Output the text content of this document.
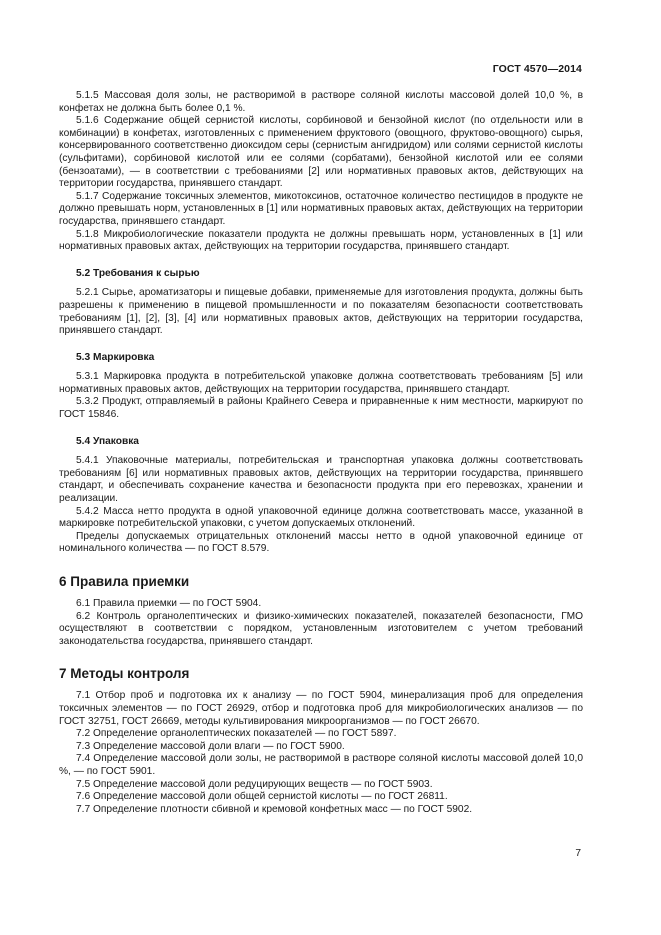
ГОСТ 4570—2014

5.1.5 Массовая доля золы, не растворимой в растворе соляной кислоты массовой долей 10,0 %, в конфетах не должна быть более 0,1 %.

5.1.6 Содержание общей сернистой кислоты, сорбиновой и бензойной кислот (по отдельности или в комбинации) в конфетах, изготовленных с применением фруктового (овощного, фруктово-овощного) сырья, консервированного соответственно диоксидом серы (сернистым ангидридом) или солями сернистой кислоты (сульфитами), сорбиновой кислотой или ее солями (сорбатами), бензойной кислотой или ее солями (бензоатами), — в соответствии с требованиями [2] или нормативных правовых актов, действующих на территории государства, принявшего стандарт.

5.1.7 Содержание токсичных элементов, микотоксинов, остаточное количество пестицидов в продукте не должно превышать норм, установленных в [1] или нормативных правовых актах, действующих на территории государства, принявшего стандарт.

5.1.8 Микробиологические показатели продукта не должны превышать норм, установленных в [1] или нормативных правовых актах, действующих на территории государства, принявшего стандарт.

5.2 Требования к сырью

5.2.1 Сырье, ароматизаторы и пищевые добавки, применяемые для изготовления продукта, должны быть разрешены к применению в пищевой промышленности и по показателям безопасности соответствовать требованиям [1], [2], [3], [4] или нормативных правовых актов, действующих на территории государства, принявшего стандарт.

5.3 Маркировка

5.3.1 Маркировка продукта в потребительской упаковке должна соответствовать требованиям [5] или нормативных правовых актов, действующих на территории государства, принявшего стандарт.

5.3.2 Продукт, отправляемый в районы Крайнего Севера и приравненные к ним местности, маркируют по ГОСТ 15846.

5.4 Упаковка

5.4.1 Упаковочные материалы, потребительская и транспортная упаковка должны соответствовать требованиям [6] или нормативных правовых актов, действующих на территории государства, принявшего стандарт, и обеспечивать сохранение качества и безопасности продукта при его перевозках, хранении и реализации.

5.4.2 Масса нетто продукта в одной упаковочной единице должна соответствовать массе, указанной в маркировке потребительской упаковки, с учетом допускаемых отклонений.

Пределы допускаемых отрицательных отклонений массы нетто в одной упаковочной единице от номинального количества — по ГОСТ 8.579.

6 Правила приемки

6.1 Правила приемки — по ГОСТ 5904.

6.2 Контроль органолептических и физико-химических показателей, показателей безопасности, ГМО осуществляют в соответствии с порядком, установленным изготовителем с учетом требований законодательства государства, принявшего стандарт.

7 Методы контроля

7.1 Отбор проб и подготовка их к анализу — по ГОСТ 5904, минерализация проб для определения токсичных элементов — по ГОСТ 26929, отбор и подготовка проб для микробиологических анализов — по ГОСТ 32751, ГОСТ 26669, методы культивирования микроорганизмов — по ГОСТ 26670.

7.2 Определение органолептических показателей — по ГОСТ 5897.

7.3 Определение массовой доли влаги — по ГОСТ 5900.

7.4 Определение массовой доли золы, не растворимой в растворе соляной кислоты массовой долей 10,0 %, — по ГОСТ 5901.

7.5 Определение массовой доли редуцирующих веществ — по ГОСТ 5903.

7.6 Определение массовой доли общей сернистой кислоты — по ГОСТ 26811.

7.7 Определение плотности сбивной и кремовой конфетных масс — по ГОСТ 5902.

7
